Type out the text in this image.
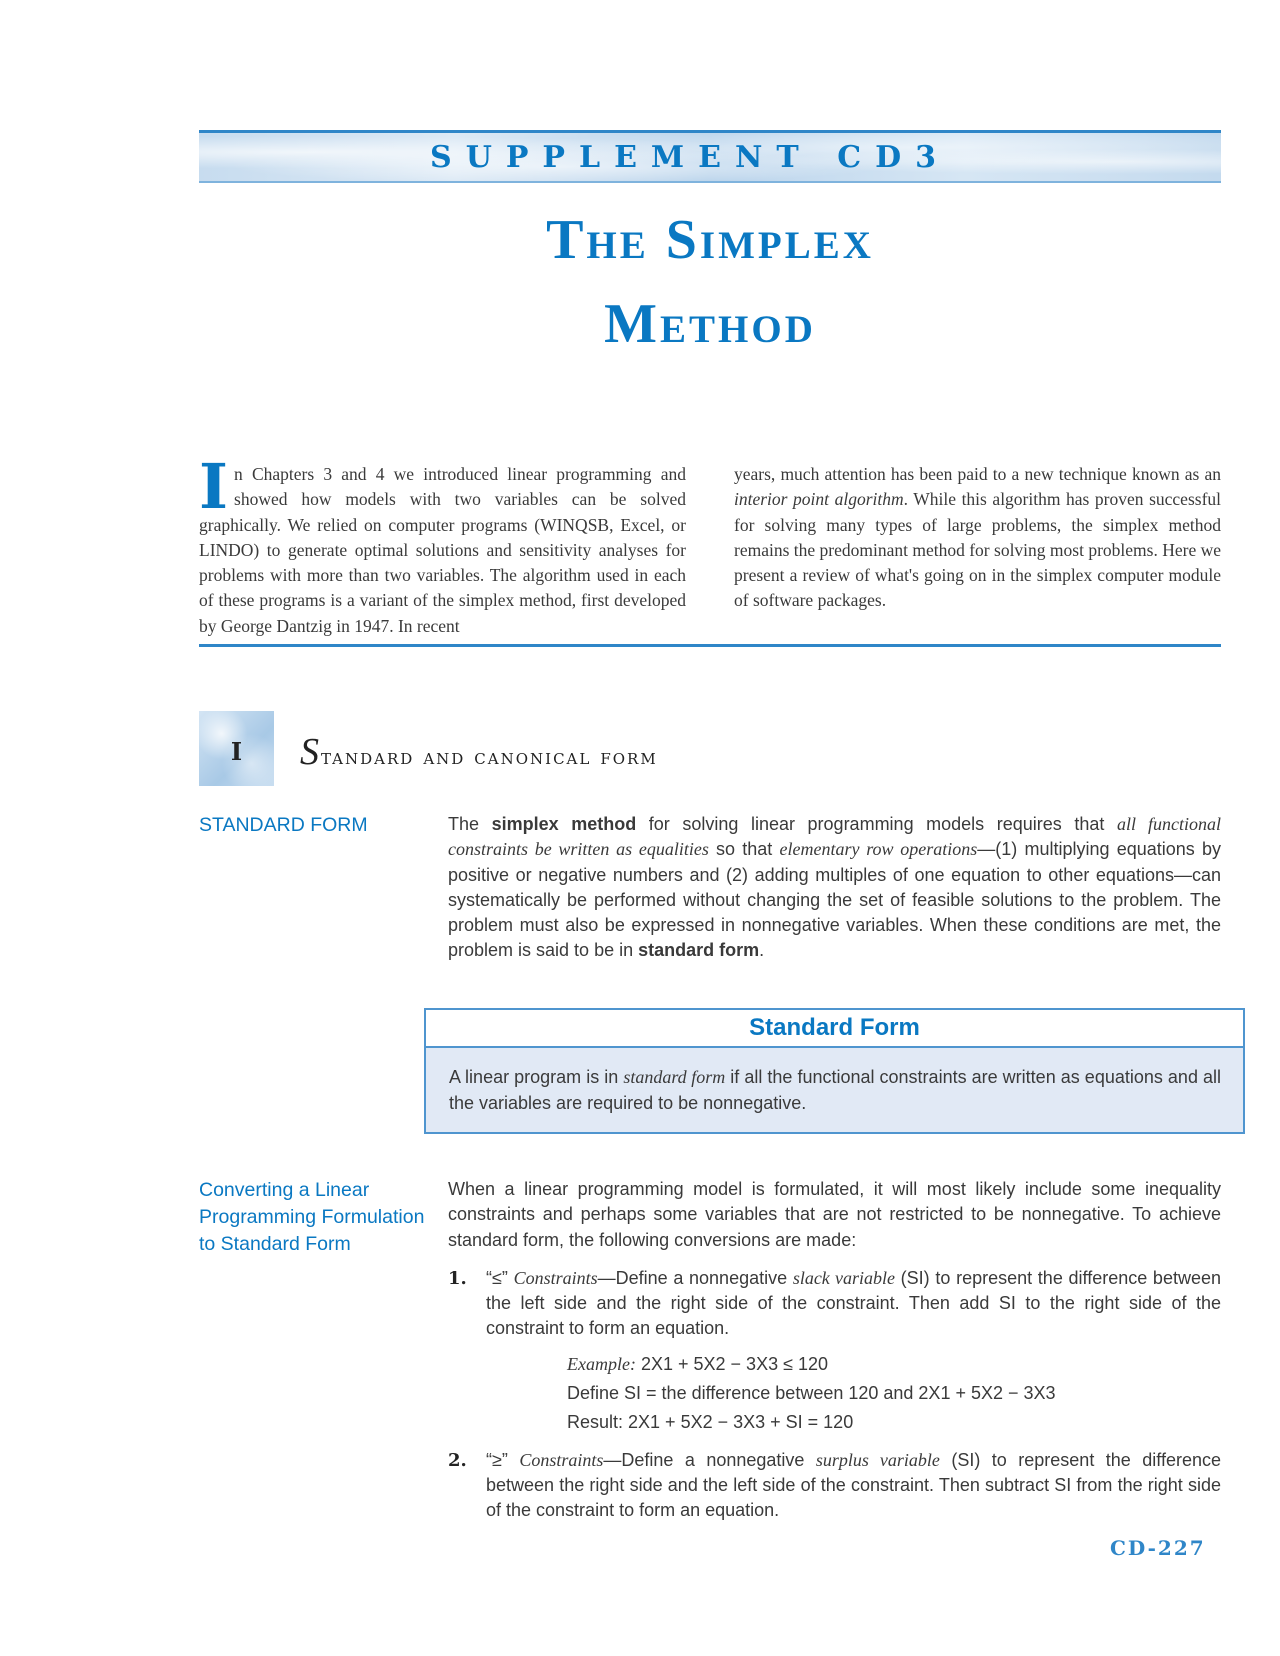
SUPPLEMENT CD3
The Simplex
Method
In Chapters 3 and 4 we introduced linear programming and showed how models with two variables can be solved graphically. We relied on computer programs (WINQSB, Excel, or LINDO) to generate optimal solutions and sensitivity analyses for problems with more than two variables. The algorithm used in each of these programs is a variant of the simplex method, first developed by George Dantzig in 1947. In recent
years, much attention has been paid to a new technique known as an interior point algorithm. While this algorithm has proven successful for solving many types of large problems, the simplex method remains the predominant method for solving most problems. Here we present a review of what's going on in the simplex computer module of software packages.
I Standard and canonical form
STANDARD FORM	The simplex method for solving linear programming models requires that all functional constraints be written as equalities so that elementary row operations—(1) multiplying equations by positive or negative numbers and (2) adding multiples of one equation to other equations—can systematically be performed without changing the set of feasible solutions to the problem. The problem must also be expressed in nonnegative variables. When these conditions are met, the problem is said to be in standard form.
Standard Form
A linear program is in standard form if all the functional constraints are written as equations and all the variables are required to be nonnegative.
Converting a Linear
Programming Formulation
to Standard Form
When a linear programming model is formulated, it will most likely include some inequality constraints and perhaps some variables that are not restricted to be nonnegative. To achieve standard form, the following conversions are made:
1. “≤” Constraints—Define a nonnegative slack variable (SI) to represent the difference between the left side and the right side of the constraint. Then add SI to the right side of the constraint to form an equation.
Example: 2X1 + 5X2 − 3X3 ≤ 120
Define SI = the difference between 120 and 2X1 + 5X2 − 3X3
Result: 2X1 + 5X2 − 3X3 + SI = 120
2. “≥” Constraints—Define a nonnegative surplus variable (SI) to represent the difference between the right side and the left side of the constraint. Then subtract SI from the right side of the constraint to form an equation.
CD-227
